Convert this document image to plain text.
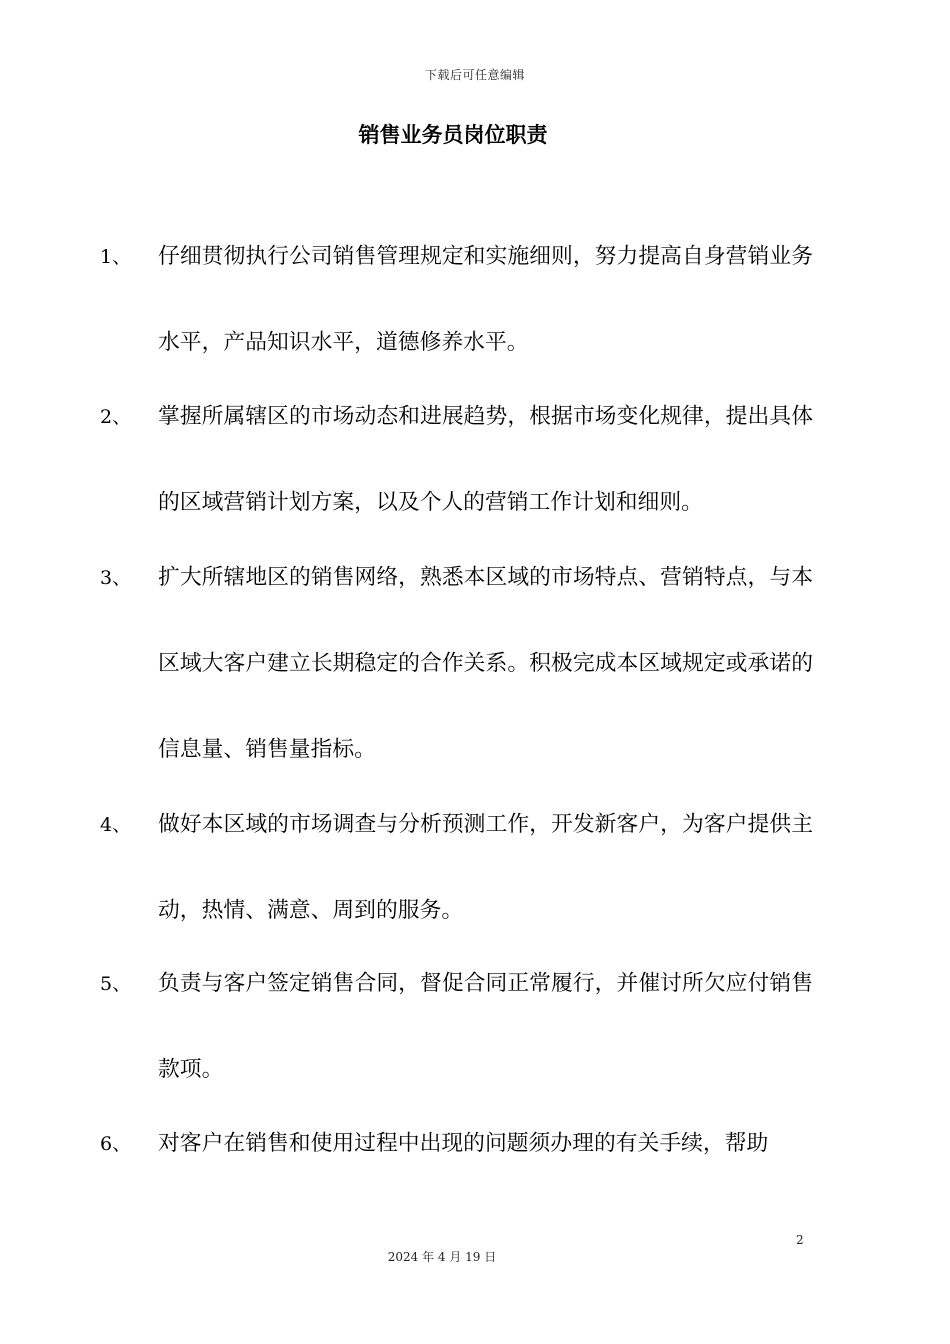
下载后可任意编辑
销售业务员岗位职责
1、 仔细贯彻执行公司销售管理规定和实施细则，努力提高自身营销业务水平，产品知识水平，道德修养水平。
2、 掌握所属辖区的市场动态和进展趋势，根据市场变化规律，提出具体的区域营销计划方案，以及个人的营销工作计划和细则。
3、 扩大所辖地区的销售网络，熟悉本区域的市场特点、营销特点，与本区域大客户建立长期稳定的合作关系。积极完成本区域规定或承诺的信息量、销售量指标。
4、 做好本区域的市场调查与分析预测工作，开发新客户，为客户提供主动，热情、满意、周到的服务。
5、 负责与客户签定销售合同，督促合同正常履行，并催讨所欠应付销售款项。
6、 对客户在销售和使用过程中出现的问题须办理的有关手续，帮助
2
2024 年 4 月 19 日
